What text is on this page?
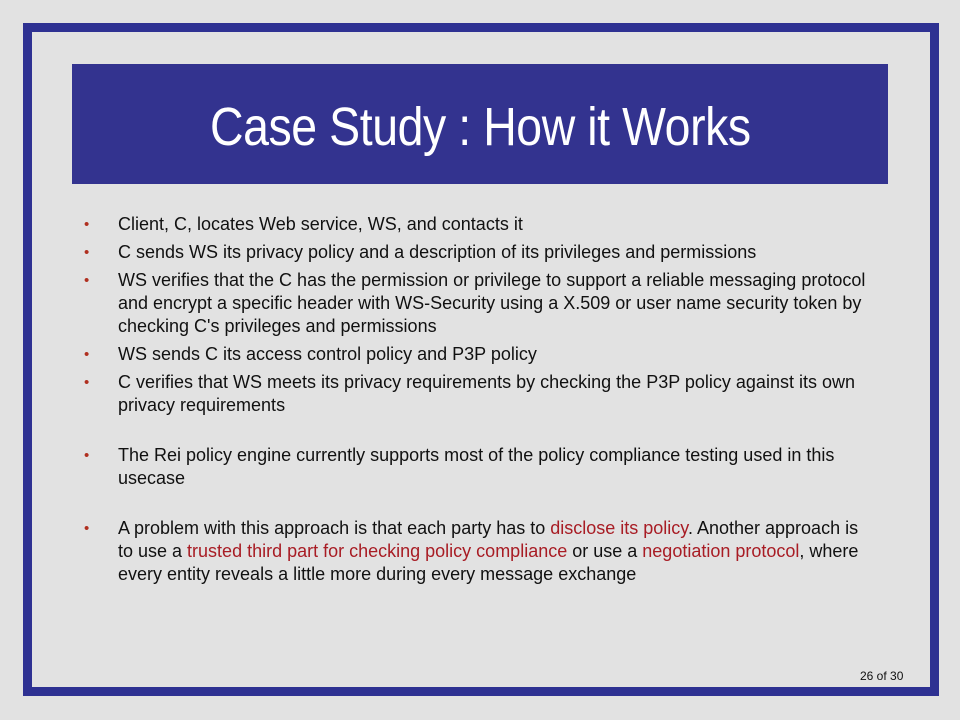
Case Study : How it Works
• Client, C, locates Web service, WS, and contacts it
• C sends WS its privacy policy and a description of its privileges and permissions
• WS verifies that the C has the permission or privilege to support a reliable messaging protocol and encrypt a specific header with WS-Security using a X.509 or user name security token by checking C's privileges and permissions
• WS sends C its access control policy and P3P policy
• C verifies that WS meets its privacy requirements by checking the P3P policy against its own privacy requirements
• The Rei policy engine currently supports most of the policy compliance testing used in this usecase
• A problem with this approach is that each party has to disclose its policy. Another approach is to use a trusted third part for checking policy compliance or use a negotiation protocol, where every entity reveals a little more during every message exchange
26 of 30
